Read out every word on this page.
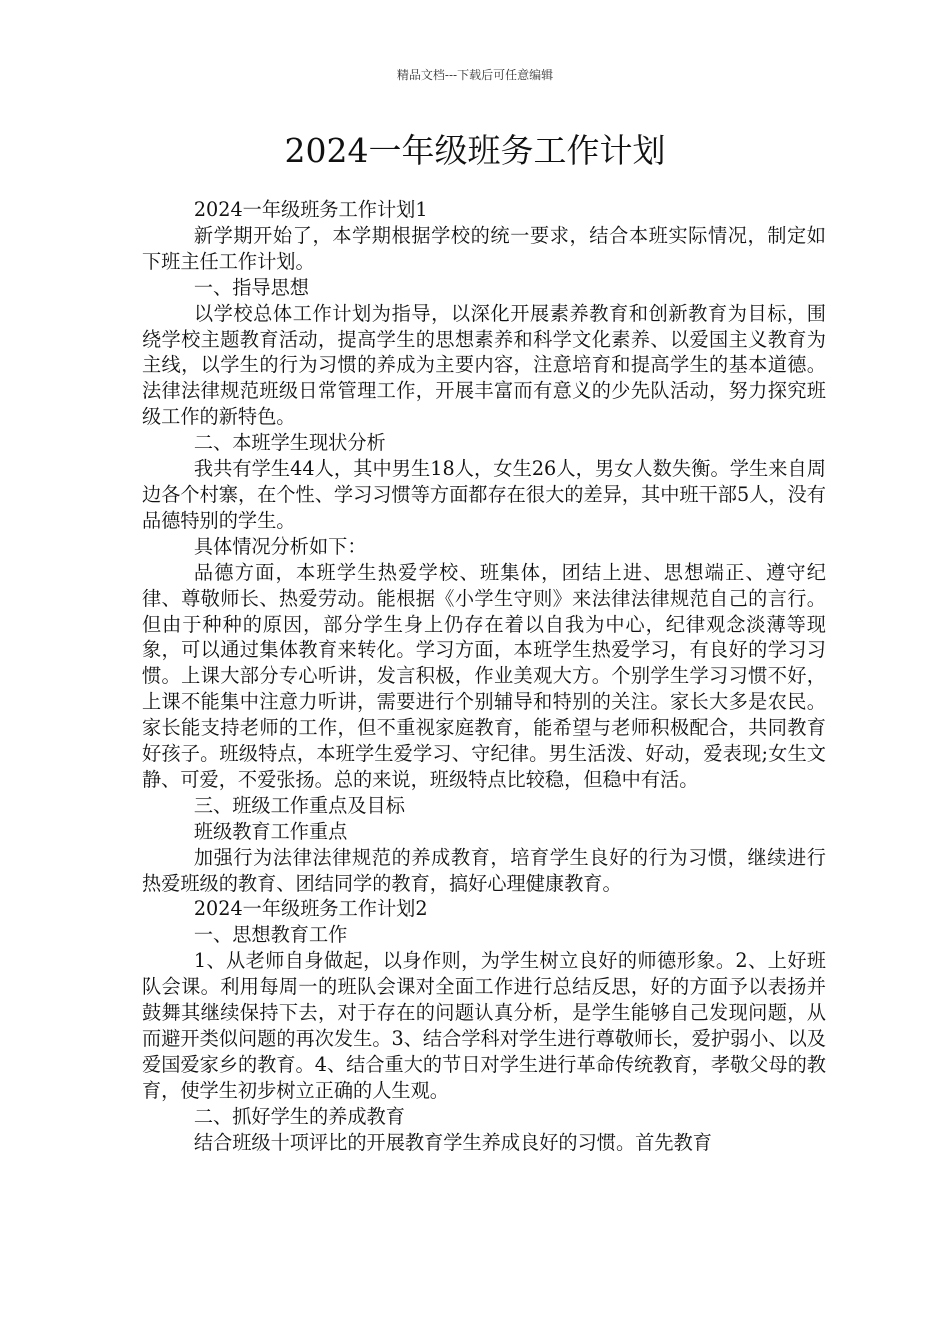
精品文档---下载后可任意编辑
2024一年级班务工作计划

2024一年级班务工作计划1

新学期开始了，本学期根据学校的统一要求，结合本班实际情况，制定如下班主任工作计划。

一、指导思想

以学校总体工作计划为指导，以深化开展素养教育和创新教育为目标，围绕学校主题教育活动，提高学生的思想素养和科学文化素养、以爱国主义教育为主线，以学生的行为习惯的养成为主要内容，注意培育和提高学生的基本道德。法律法律规范班级日常管理工作，开展丰富而有意义的少先队活动，努力探究班级工作的新特色。

二、本班学生现状分析

我共有学生44人，其中男生18人，女生26人，男女人数失衡。学生来自周边各个村寨，在个性、学习习惯等方面都存在很大的差异，其中班干部5人，没有品德特别的学生。

具体情况分析如下：

品德方面，本班学生热爱学校、班集体，团结上进、思想端正、遵守纪律、尊敬师长、热爱劳动。能根据《小学生守则》来法律法律规范自己的言行。但由于种种的原因，部分学生身上仍存在着以自我为中心，纪律观念淡薄等现象，可以通过集体教育来转化。学习方面，本班学生热爱学习，有良好的学习习惯。上课大部分专心听讲，发言积极，作业美观大方。个别学生学习习惯不好，上课不能集中注意力听讲，需要进行个别辅导和特别的关注。家长大多是农民。家长能支持老师的工作，但不重视家庭教育，能希望与老师积极配合，共同教育好孩子。班级特点，本班学生爱学习、守纪律。男生活泼、好动，爱表现;女生文静、可爱，不爱张扬。总的来说，班级特点比较稳，但稳中有活。

三、班级工作重点及目标

班级教育工作重点

加强行为法律法律规范的养成教育，培育学生良好的行为习惯，继续进行热爱班级的教育、团结同学的教育，搞好心理健康教育。

2024一年级班务工作计划2

一、思想教育工作

1、从老师自身做起，以身作则，为学生树立良好的师德形象。2、上好班队会课。利用每周一的班队会课对全面工作进行总结反思，好的方面予以表扬并鼓舞其继续保持下去，对于存在的问题认真分析，是学生能够自己发现问题，从而避开类似问题的再次发生。3、结合学科对学生进行尊敬师长，爱护弱小、以及爱国爱家乡的教育。4、结合重大的节日对学生进行革命传统教育，孝敬父母的教育，使学生初步树立正确的人生观。

二、抓好学生的养成教育

结合班级十项评比的开展教育学生养成良好的习惯。首先教育
